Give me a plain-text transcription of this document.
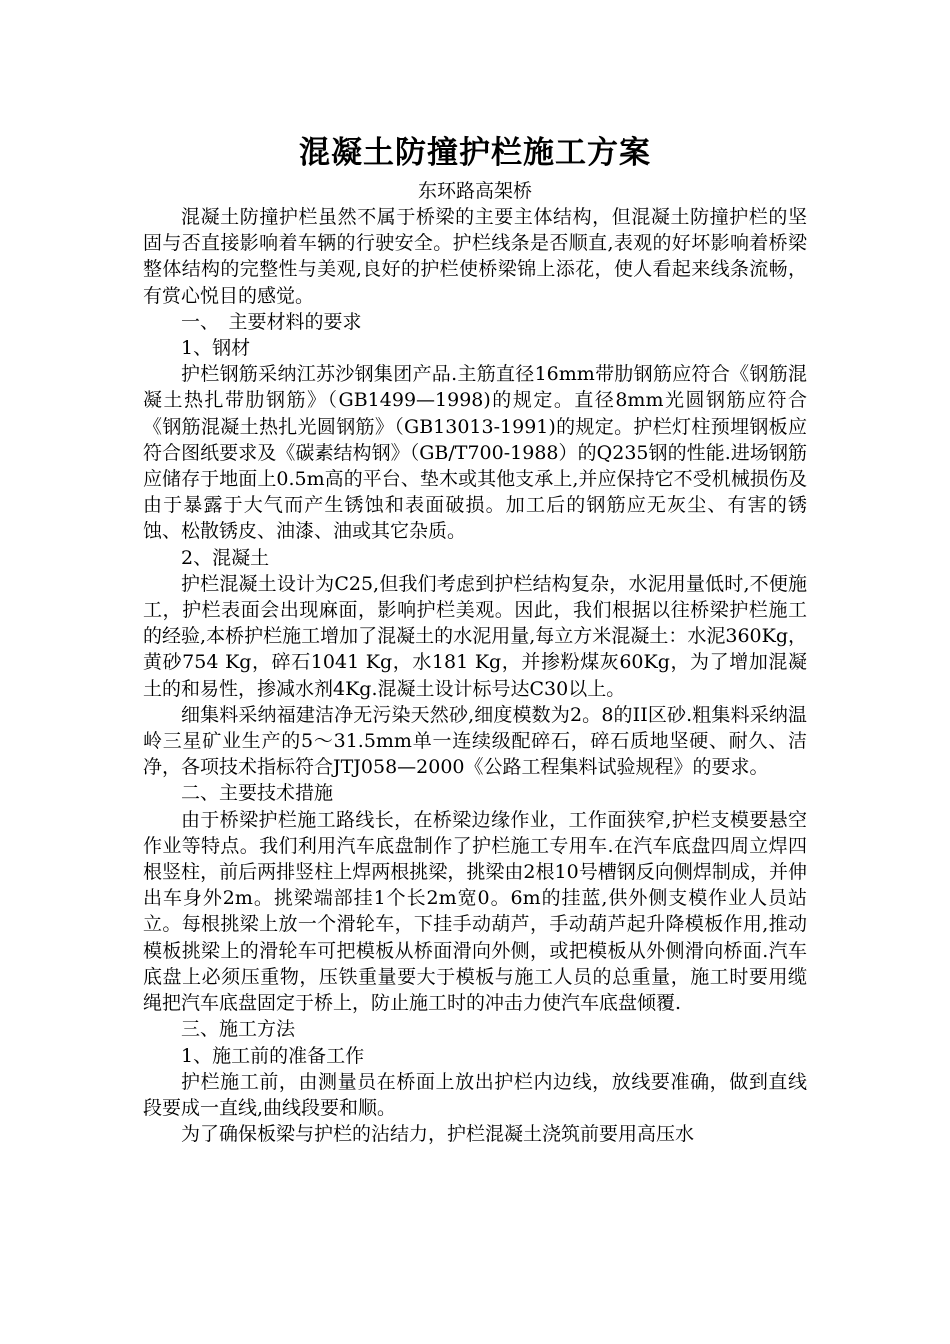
混凝土防撞护栏施工方案

东环路高架桥

混凝土防撞护栏虽然不属于桥梁的主要主体结构，但混凝土防撞护栏的坚固与否直接影响着车辆的行驶安全。护栏线条是否顺直,表观的好坏影响着桥梁整体结构的完整性与美观,良好的护栏使桥梁锦上添花，使人看起来线条流畅，有赏心悦目的感觉。

一、　主要材料的要求

1、钢材

护栏钢筋采纳江苏沙钢集团产品.主筋直径16mm带肋钢筋应符合《钢筋混凝土热扎带肋钢筋》（GB1499—1998)的规定。直径8mm光圆钢筋应符合《钢筋混凝土热扎光圆钢筋》（GB13013-1991)的规定。护栏灯柱预埋钢板应符合图纸要求及《碳素结构钢》（GB/T700-1988）的Q235钢的性能.进场钢筋应储存于地面上0.5m高的平台、垫木或其他支承上,并应保持它不受机械损伤及由于暴露于大气而产生锈蚀和表面破损。加工后的钢筋应无灰尘、有害的锈蚀、松散锈皮、油漆、油或其它杂质。

2、混凝土

护栏混凝土设计为C25,但我们考虑到护栏结构复杂，水泥用量低时,不便施工，护栏表面会出现麻面，影响护栏美观。因此，我们根据以往桥梁护栏施工的经验,本桥护栏施工增加了混凝土的水泥用量,每立方米混凝土：水泥360Kg，黄砂754 Kg，碎石1041 Kg，水181 Kg，并掺粉煤灰60Kg，为了增加混凝土的和易性，掺减水剂4Kg.混凝土设计标号达C30以上。

细集料采纳福建洁净无污染天然砂,细度模数为2。8的II区砂.粗集料采纳温岭三星矿业生产的5～31.5mm单一连续级配碎石，碎石质地坚硬、耐久、洁净，各项技术指标符合JTJ058—2000《公路工程集料试验规程》的要求。

二、主要技术措施

由于桥梁护栏施工路线长，在桥梁边缘作业，工作面狭窄,护栏支模要悬空作业等特点。我们利用汽车底盘制作了护栏施工专用车.在汽车底盘四周立焊四根竖柱，前后两排竖柱上焊两根挑梁，挑梁由2根10号槽钢反向侧焊制成，并伸出车身外2m。挑梁端部挂1个长2m宽0。6m的挂蓝,供外侧支模作业人员站立。每根挑梁上放一个滑轮车，下挂手动葫芦，手动葫芦起升降模板作用,推动模板挑梁上的滑轮车可把模板从桥面滑向外侧，或把模板从外侧滑向桥面.汽车底盘上必须压重物，压铁重量要大于模板与施工人员的总重量，施工时要用缆绳把汽车底盘固定于桥上，防止施工时的冲击力使汽车底盘倾覆.

三、施工方法

1、施工前的准备工作

护栏施工前，由测量员在桥面上放出护栏内边线，放线要准确，做到直线段要成一直线,曲线段要和顺。

为了确保板梁与护栏的沾结力，护栏混凝土浇筑前要用高压水
